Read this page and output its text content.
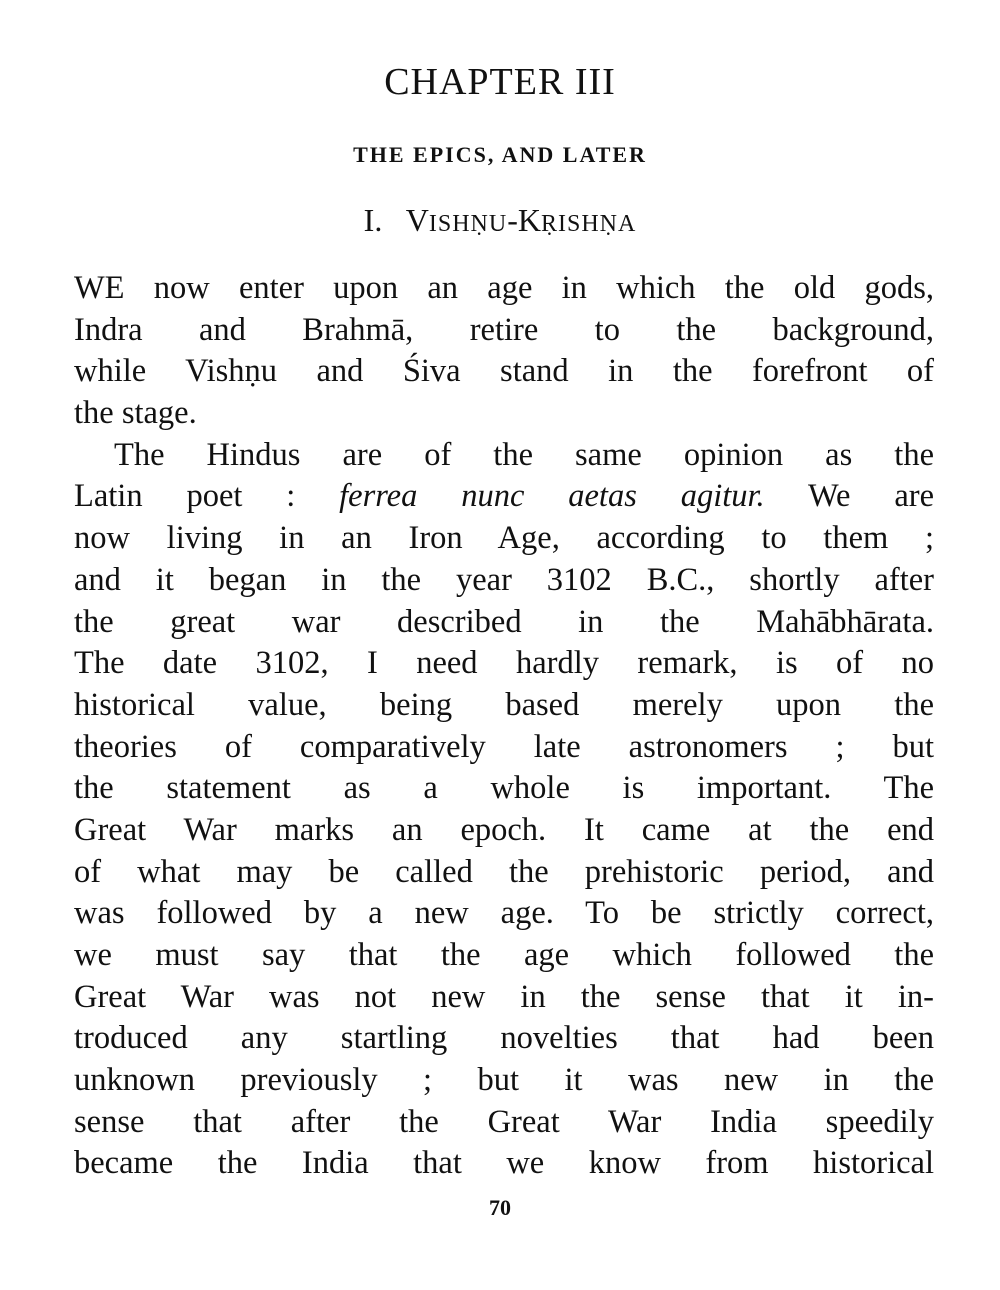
CHAPTER III
THE EPICS, AND LATER
I. VISHṆU-KṚISHṆA
WE now enter upon an age in which the old gods,
Indra and Brahmā, retire to the background,
while Vishṇu and Śiva stand in the forefront of
the stage.
The Hindus are of the same opinion as the
Latin poet : ferrea nunc aetas agitur. We are
now living in an Iron Age, according to them ;
and it began in the year 3102 B.C., shortly after
the great war described in the Mahābhārata.
The date 3102, I need hardly remark, is of no
historical value, being based merely upon the
theories of comparatively late astronomers ; but
the statement as a whole is important. The
Great War marks an epoch. It came at the end
of what may be called the prehistoric period, and
was followed by a new age. To be strictly correct,
we must say that the age which followed the
Great War was not new in the sense that it in-
troduced any startling novelties that had been
unknown previously ; but it was new in the
sense that after the Great War India speedily
became the India that we know from historical
70
